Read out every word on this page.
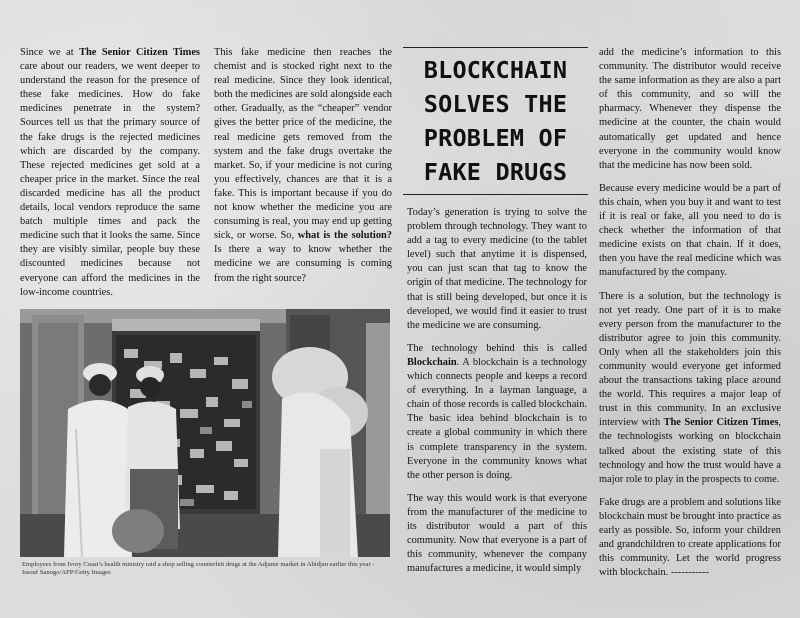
Since we at The Senior Citizen Times care about our readers, we went deeper to understand the reason for the presence of these fake medicines. How do fake medicines penetrate in the system? Sources tell us that the primary source of the fake drugs is the rejected medicines which are discarded by the company. These rejected medicines get sold at a cheaper price in the market. Since the real discarded medicine has all the product details, local vendors reproduce the same batch multiple times and pack the medicine such that it looks the same. Since they are visibly similar, people buy these discounted medicines because not everyone can afford the medicines in the low-income countries.

This fake medicine then reaches the chemist and is stocked right next to the real medicine. Since they look identical, both the medicines are sold alongside each other. Gradually, as the “cheaper” vendor gives the better price of the medicine, the real medicine gets removed from the system and the fake drugs overtake the market. So, if your medicine is not curing you effectively, chances are that it is a fake. This is important because if you do not know whether the medicine you are consuming is real, you may end up getting sick, or worse. So, what is the solution? Is there a way to know whether the medicine we are consuming is coming from the right source?

BLOCKCHAIN
SOLVES THE
PROBLEM OF
FAKE DRUGS

Today’s generation is trying to solve the problem through technology. They want to add a tag to every medicine (to the tablet level) such that anytime it is dispensed, you can just scan that tag to know the origin of that medicine. The technology for that is still being developed, but once it is developed, we would find it easier to trust the medicine we are consuming.

The technology behind this is called Blockchain. A blockchain is a technology which connects people and keeps a record of everything. In a layman language, a chain of those records is called blockchain. The basic idea behind blockchain is to create a global community in which there is complete transparency in the system. Everyone in the community knows what the other person is doing.

The way this would work is that everyone from the manufacturer of the medicine to its distributor would a part of this community. Now that everyone is a part of this community, whenever the company manufactures a medicine, it would simply

add the medicine’s information to this community. The distributor would receive the same information as they are also a part of this community, and so will the pharmacy. Whenever they dispense the medicine at the counter, the chain would automatically get updated and hence everyone in the community would know that the medicine has now been sold.

Because every medicine would be a part of this chain, when you buy it and want to test if it is real or fake, all you need to do is check whether the information of that medicine exists on that chain. If it does, then you have the real medicine which was manufactured by the company.

There is a solution, but the technology is not yet ready. One part of it is to make every person from the manufacturer to the distributor agree to join this community. Only when all the stakeholders join this community would everyone get informed about the transactions taking place around the world. This requires a major leap of trust in this community. In an exclusive interview with The Senior Citizen Times, the technologists working on blockchain talked about the existing state of this technology and how the trust would have a major role to play in the prospects to come.

Fake drugs are a problem and solutions like blockchain must be brought into practice as early as possible. So, inform your children and grandchildren to create applications for this community. Let the world progress with blockchain. -----------

Employees from Ivory Coast’s health ministry raid a shop selling counterfeit drugs at the Adjame market in Abidjan earlier this year - Issouf Sanogo/AFP/Getty Images
